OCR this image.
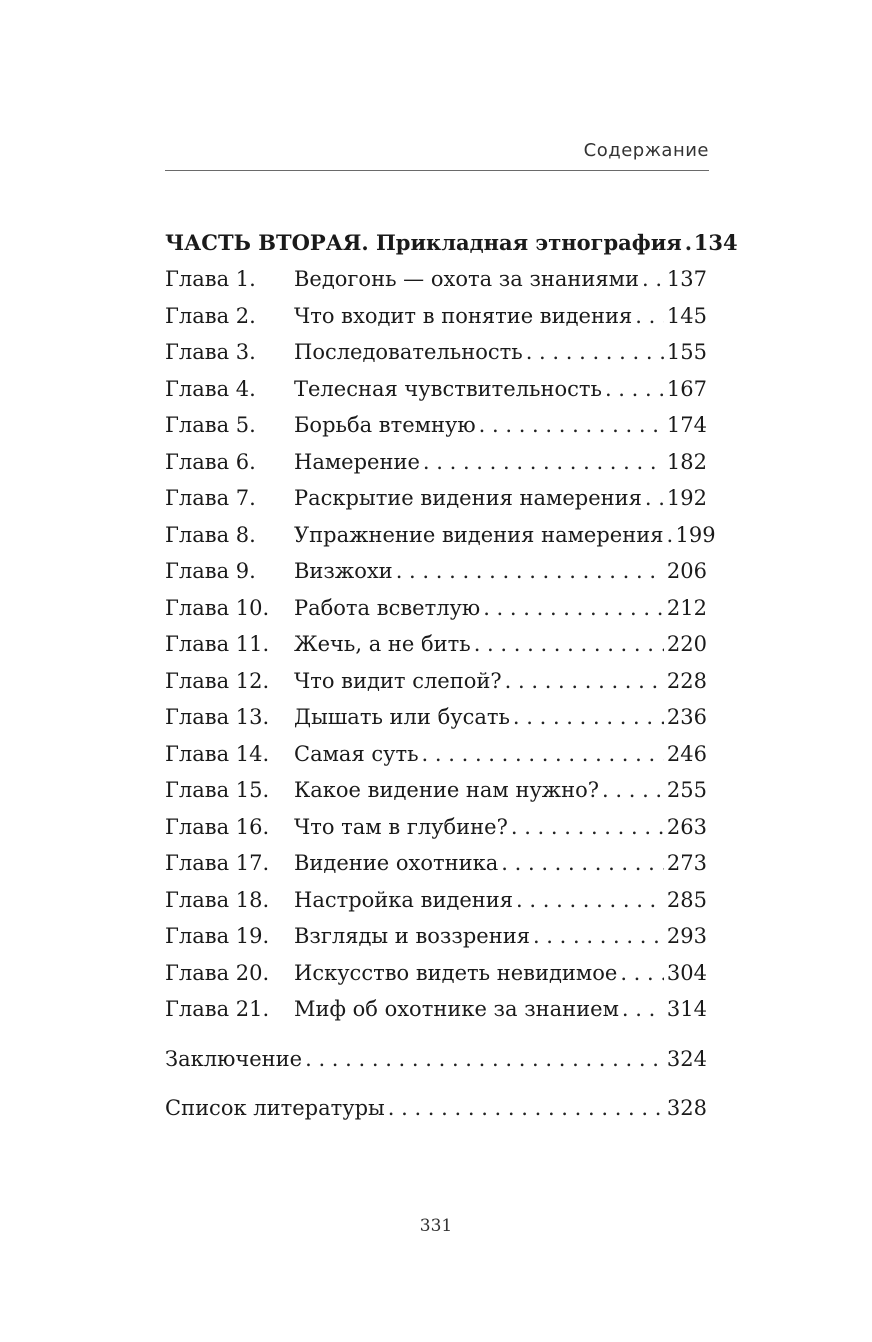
Содержание
ЧАСТЬ ВТОРАЯ. Прикладная этнография . . . 134
Глава 1.	Ведогонь — охота за знаниями . . . 137
Глава 2.	Что входит в понятие видения . . . 145
Глава 3.	Последовательность . . .	155
Глава 4.	Телесная чувствительность . . .	167
Глава 5.	Борьба втемную . . .	174
Глава 6.	Намерение . . .	182
Глава 7.	Раскрытие видения намерения . . . 192
Глава 8.	Упражнение видения намерения . . . 199
Глава 9.	Визжохи . . .	206
Глава 10.	Работа всветлую . . .	212
Глава 11.	Жечь, а не бить . . .	220
Глава 12.	Что видит слепой? . . .	228
Глава 13.	Дышать или бусать . . .	236
Глава 14.	Самая суть . . .	246
Глава 15.	Какое видение нам нужно? . . .	255
Глава 16.	Что там в глубине? . . .	263
Глава 17.	Видение охотника . . .	273
Глава 18.	Настройка видения . . .	285
Глава 19.	Взгляды и воззрения . . .	293
Глава 20.	Искусство видеть невидимое . . . 304
Глава 21.	Миф об охотнике за знанием . . . 314
Заключение . . .	324
Список литературы . . .	328
331
